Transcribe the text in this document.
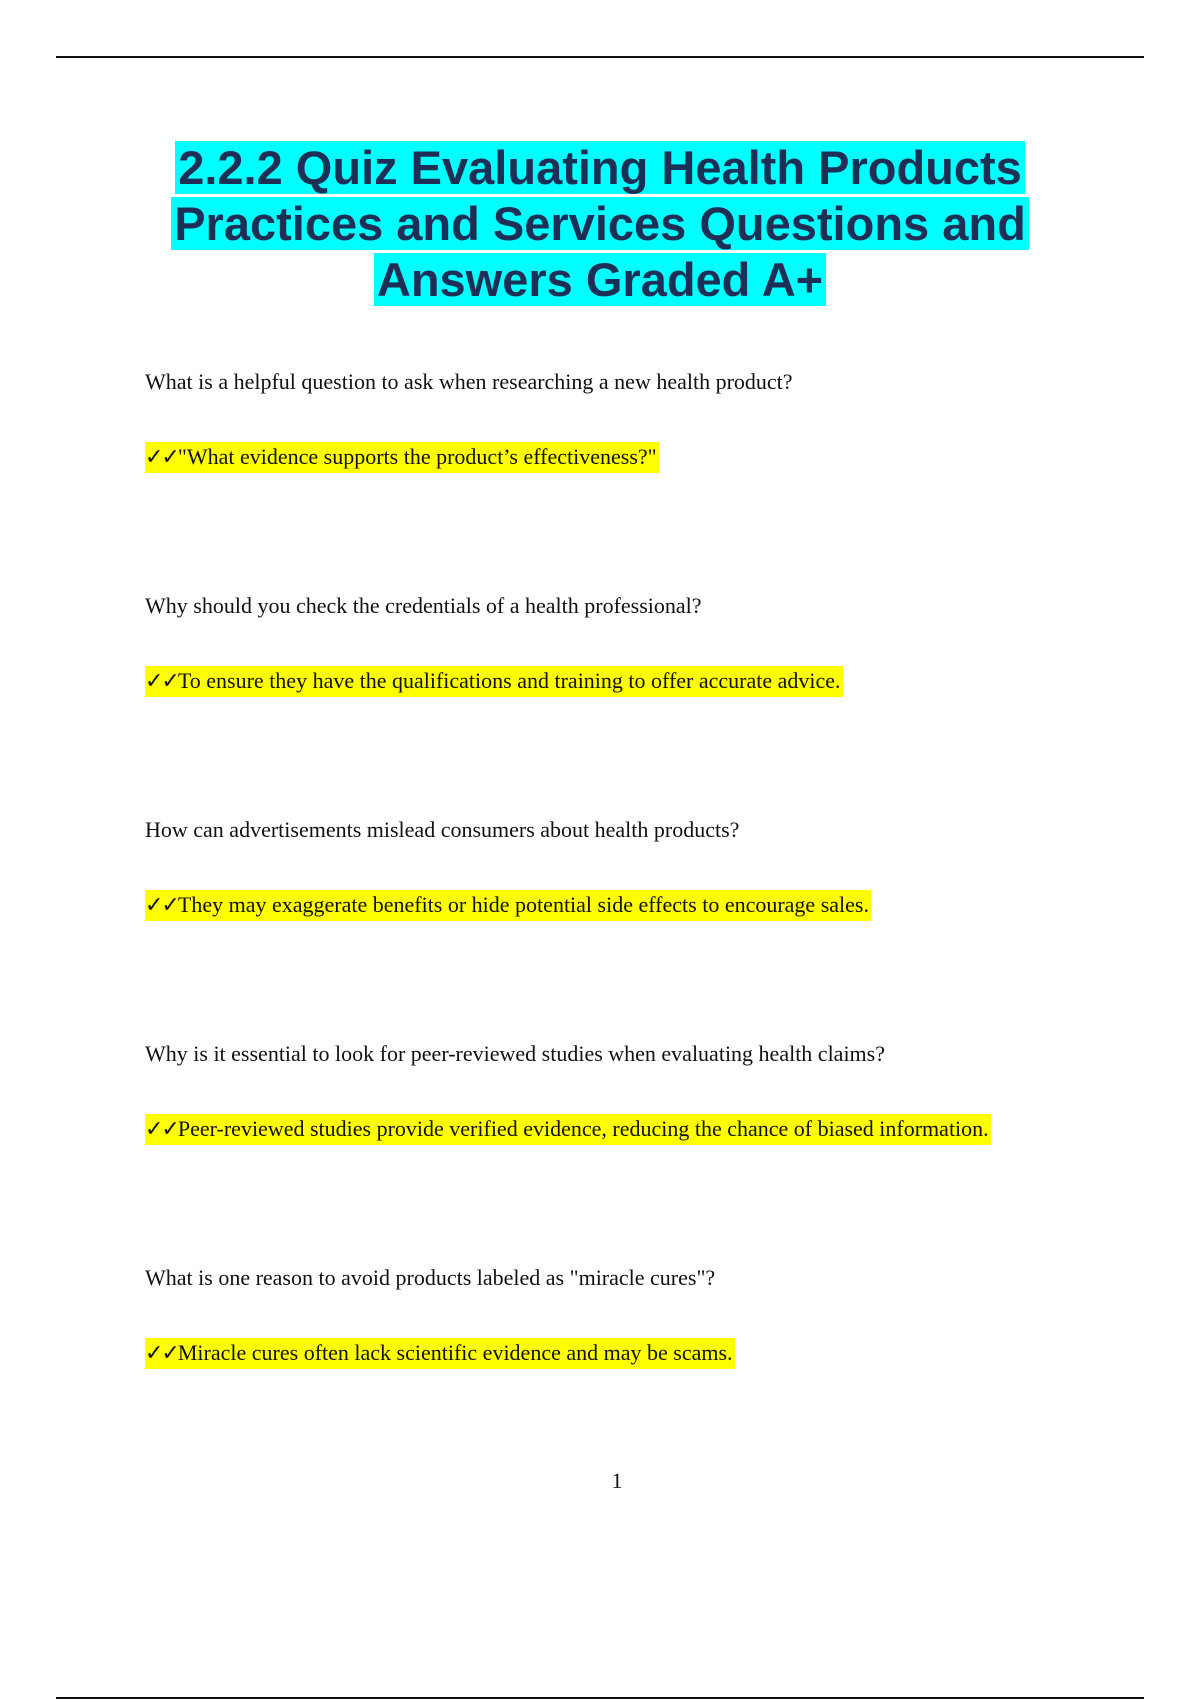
2.2.2 Quiz Evaluating Health Products Practices and Services Questions and Answers Graded A+

What is a helpful question to ask when researching a new health product?

✓✓"What evidence supports the product’s effectiveness?"

Why should you check the credentials of a health professional?

✓✓To ensure they have the qualifications and training to offer accurate advice.

How can advertisements mislead consumers about health products?

✓✓They may exaggerate benefits or hide potential side effects to encourage sales.

Why is it essential to look for peer-reviewed studies when evaluating health claims?

✓✓Peer-reviewed studies provide verified evidence, reducing the chance of biased information.

What is one reason to avoid products labeled as "miracle cures"?

✓✓Miracle cures often lack scientific evidence and may be scams.

1
